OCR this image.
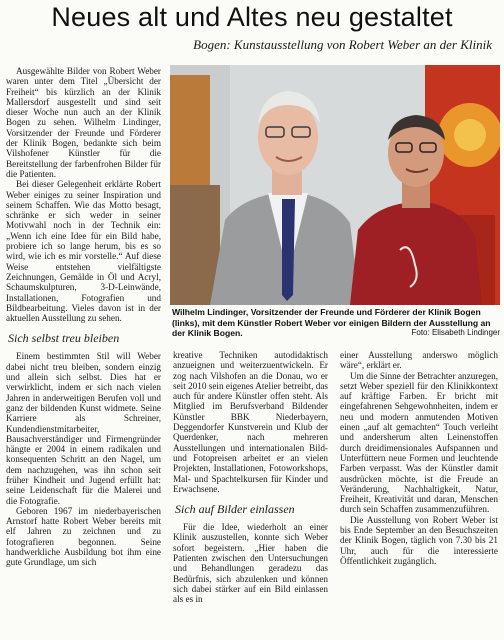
Neues alt und Altes neu gestaltet
Bogen: Kunstausstellung von Robert Weber an der Klinik

Ausgewählte Bilder von Robert Weber waren unter dem Titel „Übersicht der Freiheit“ bis kürzlich an der Klinik Mallersdorf ausgestellt und sind seit dieser Woche nun auch an der Klinik Bogen zu sehen. Wilhelm Lindinger, Vorsitzender der Freunde und Förderer der Klinik Bogen, bedankte sich beim Vilshofener Künstler für die Bereitstellung der farbenfrohen Bilder für die Patienten.

Bei dieser Gelegenheit erklärte Robert Weber einiges zu seiner Inspiration und seinem Schaffen. Wie das Motto besagt, schränke er sich weder in seiner Motivwahl noch in der Technik ein: „Wenn ich eine Idee für ein Bild habe, probiere ich so lange herum, bis es so wird, wie ich es mir vorstelle.“ Auf diese Weise entstehen vielfältigste Zeichnungen, Gemälde in Öl und Acryl, Schaumskulpturen, 3-D-Leinwände, Installationen, Fotografien und Bildbearbeitung. Vieles davon ist in der aktuellen Ausstellung zu sehen.

Sich selbst treu bleiben

Einem bestimmten Stil will Weber dabei nicht treu bleiben, sondern einzig und allein sich selbst. Dies hat er verwirklicht, indem er sich nach vielen Jahren in anderweitigen Berufen voll und ganz der bildenden Kunst widmete. Seine Karriere als Schreiner, Kundendienstmitarbeiter, Bausachverständiger und Firmengründer hängte er 2004 in einem radikalen und konsequenten Schritt an den Nagel, um dem nachzugehen, was ihn schon seit früher Kindheit und Jugend erfüllt hat: seine Leidenschaft für die Malerei und die Fotografie.

Geboren 1967 im niederbayerischen Arnstorf hatte Robert Weber bereits mit elf Jahren zu zeichnen und zu fotografieren begonnen. Seine handwerkliche Ausbildung bot ihm eine gute Grundlage, um sich

Wilhelm Lindinger, Vorsitzender der Freunde und Förderer der Klinik Bogen (links), mit dem Künstler Robert Weber vor einigen Bildern der Ausstellung an der Klinik Bogen.	Foto: Elisabeth Lindinger

kreative Techniken autodidaktisch anzueignen und weiterzuentwickeln. Er zog nach Vilshofen an die Donau, wo er seit 2010 sein eigenes Atelier betreibt, das auch für andere Künstler offen steht. Als Mitglied im Berufsverband Bildender Künstler BBK Niederbayern, Deggendorfer Kunstverein und Klub der Querdenker, nach mehreren Ausstellungen und internationalen Bild- und Fotopreisen arbeitet er an vielen Projekten, Installationen, Fotoworkshops, Mal- und Spachtelkursen für Kinder und Erwachsene.

Sich auf Bilder einlassen

Für die Idee, wiederholt an einer Klinik auszustellen, konnte sich Weber sofort begeistern. „Hier haben die Patienten zwischen den Untersuchungen und Behandlungen geradezu das Bedürfnis, sich abzulenken und können sich dabei stärker auf ein Bild einlassen als es in

einer Ausstellung anderswo möglich wäre“, erklärt er.

Um die Sinne der Betrachter anzuregen, setzt Weber speziell für den Klinikkontext auf kräftige Farben. Er bricht mit eingefahrenen Sehgewohnheiten, indem er neu und modern anmutenden Motiven einen „auf alt gemachten“ Touch verleiht und andersherum alten Leinenstoffen durch dreidimensionales Aufspannen und Unterfüttern neue Formen und leuchtende Farben verpasst. Was der Künstler damit ausdrücken möchte, ist die Freude an Veränderung, Nachhaltigkeit, Natur, Freiheit, Kreativität und daran, Menschen durch sein Schaffen zusammenzuführen.

Die Ausstellung von Robert Weber ist bis Ende September an den Besuchszeiten der Klinik Bogen, täglich von 7.30 bis 21 Uhr, auch für die interessierte Öffentlichkeit zugänglich.
